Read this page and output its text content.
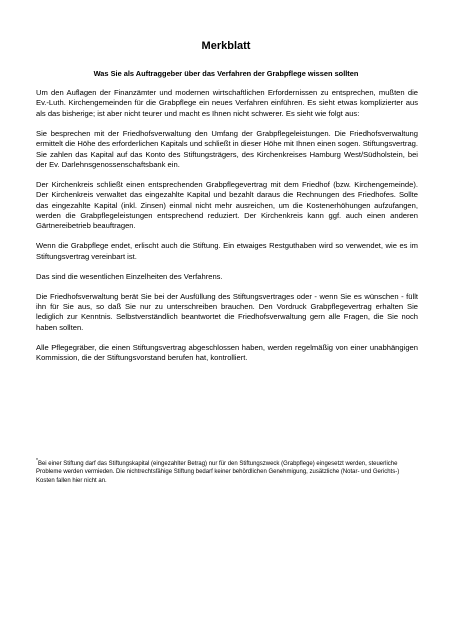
Merkblatt
Was Sie als Auftraggeber über das Verfahren der Grabpflege wissen sollten

Um den Auflagen der Finanzämter und modernen wirtschaftlichen Erfordernissen zu entsprechen, mußten die Ev.-Luth. Kirchengemeinden für die Grabpflege ein neues Verfahren einführen. Es sieht etwas komplizierter aus als das bisherige; ist aber nicht teurer und macht es Ihnen nicht schwerer. Es sieht wie folgt aus:

Sie besprechen mit der Friedhofsverwaltung den Umfang der Grabpflegeleistungen. Die Friedhofsverwaltung ermittelt die Höhe des erforderlichen Kapitals und schließt in dieser Höhe mit Ihnen einen sogen. Stiftungsvertrag. Sie zahlen das Kapital auf das Konto des Stiftungsträgers, des Kirchenkreises Hamburg West/Südholstein, bei der Ev. Darlehnsgenossenschaftsbank ein.

Der Kirchenkreis schließt einen entsprechenden Grabpflegevertrag mit dem Friedhof (bzw. Kirchengemeinde). Der Kirchenkreis verwaltet das eingezahlte Kapital und bezahlt daraus die Rechnungen des Friedhofes. Sollte das eingezahlte Kapital (inkl. Zinsen) einmal nicht mehr ausreichen, um die Kostenerhöhungen aufzufangen, werden die Grabpflegeleistungen entsprechend reduziert. Der Kirchenkreis kann ggf. auch einen anderen Gärtnereibetrieb beauftragen.

Wenn die Grabpflege endet, erlischt auch die Stiftung. Ein etwaiges Restguthaben wird so verwendet, wie es im Stiftungsvertrag vereinbart ist.

Das sind die wesentlichen Einzelheiten des Verfahrens.

Die Friedhofsverwaltung berät Sie bei der Ausfüllung des Stiftungsvertrages oder - wenn Sie es wünschen - füllt ihn für Sie aus, so daß Sie nur zu unterschreiben brauchen. Den Vordruck Grabpflegevertrag erhalten Sie lediglich zur Kenntnis. Selbstverständlich beantwortet die Friedhofsverwaltung gern alle Fragen, die Sie noch haben sollten.

Alle Pflegegräber, die einen Stiftungsvertrag abgeschlossen haben, werden regelmäßig von einer unabhängigen Kommission, die der Stiftungsvorstand berufen hat, kontrolliert.

*Bei einer Stiftung darf das Stiftungskapital (eingezahlter Betrag) nur für den Stiftungszweck (Grabpflege) eingesetzt werden, steuerliche Probleme werden vermieden. Die nichtrechtsfähige Stiftung bedarf keiner behördlichen Genehmigung, zusätzliche (Notar- und Gerichts-) Kosten fallen hier nicht an.
